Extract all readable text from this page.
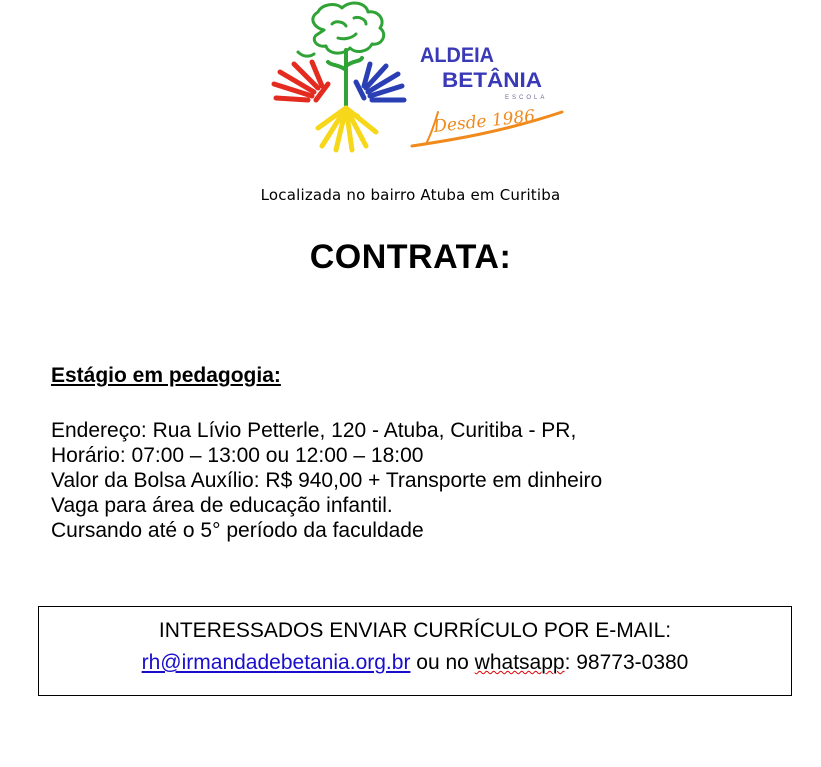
ALDEIA
BETÂNIA
ESCOLA
Desde 1986
Localizada no bairro Atuba em Curitiba
CONTRATA:
Estágio em pedagogia:
Endereço: Rua Lívio Petterle, 120 - Atuba, Curitiba - PR,
Horário: 07:00 – 13:00 ou 12:00 – 18:00
Valor da Bolsa Auxílio: R$ 940,00 + Transporte em dinheiro
Vaga para área de educação infantil.
Cursando até o 5° período da faculdade
INTERESSADOS ENVIAR CURRÍCULO POR E-MAIL:
rh@irmandadebetania.org.br ou no whatsapp: 98773-0380
